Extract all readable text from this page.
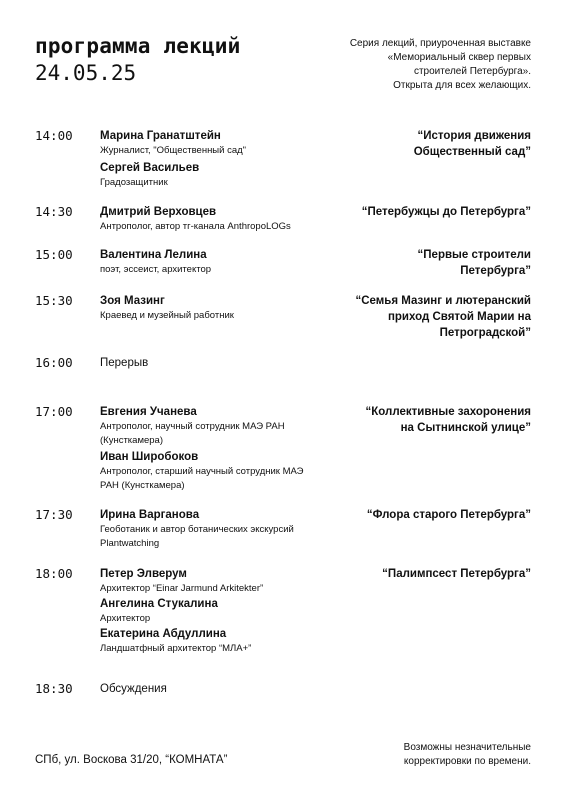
программа лекций
24.05.25
Серия лекций, приуроченная выставке
«Мемориальный сквер первых
строителей Петербурга».
Открыта для всех желающих.
14:00 Марина Гранатштейн
Журналист, "Общественный сад"
Сергей Васильев
Градозащитник
“История движения
Общественный сад”
14:30 Дмитрий Верховцев
Антрополог, автор тг-канала AnthropoLOGs
“Петербужцы до Петербурга”
15:00 Валентина Лелина
поэт, эссеист, архитектор
“Первые строители
Петербурга”
15:30 Зоя Мазинг
Краевед и музейный работник
“Семья Мазинг и лютеранский
приход Святой Марии на
Петроградской”
16:00 Перерыв
17:00 Евгения Учанева
Антрополог, научный сотрудник МАЭ РАН
(Кунсткамера)
Иван Широбоков
Антрополог, старший научный сотрудник МАЭ
РАН (Кунсткамера)
“Коллективные захоронения
на Сытнинской улице”
17:30 Ирина Варганова
Геоботаник и автор ботанических экскурсий
Plantwatching
“Флора старого Петербурга”
18:00 Петер Элверум
Архитектор “Einar Jarmund Arkitekter”
Ангелина Стукалина
Архитектор
Екатерина Абдуллина
Ландшатфный архитектор “МЛА+”
“Палимпсест Петербурга”
18:30 Обсуждения
СПб, ул. Воскова 31/20, “КОМНАТА”
Возможны незначительные
корректировки по времени.
